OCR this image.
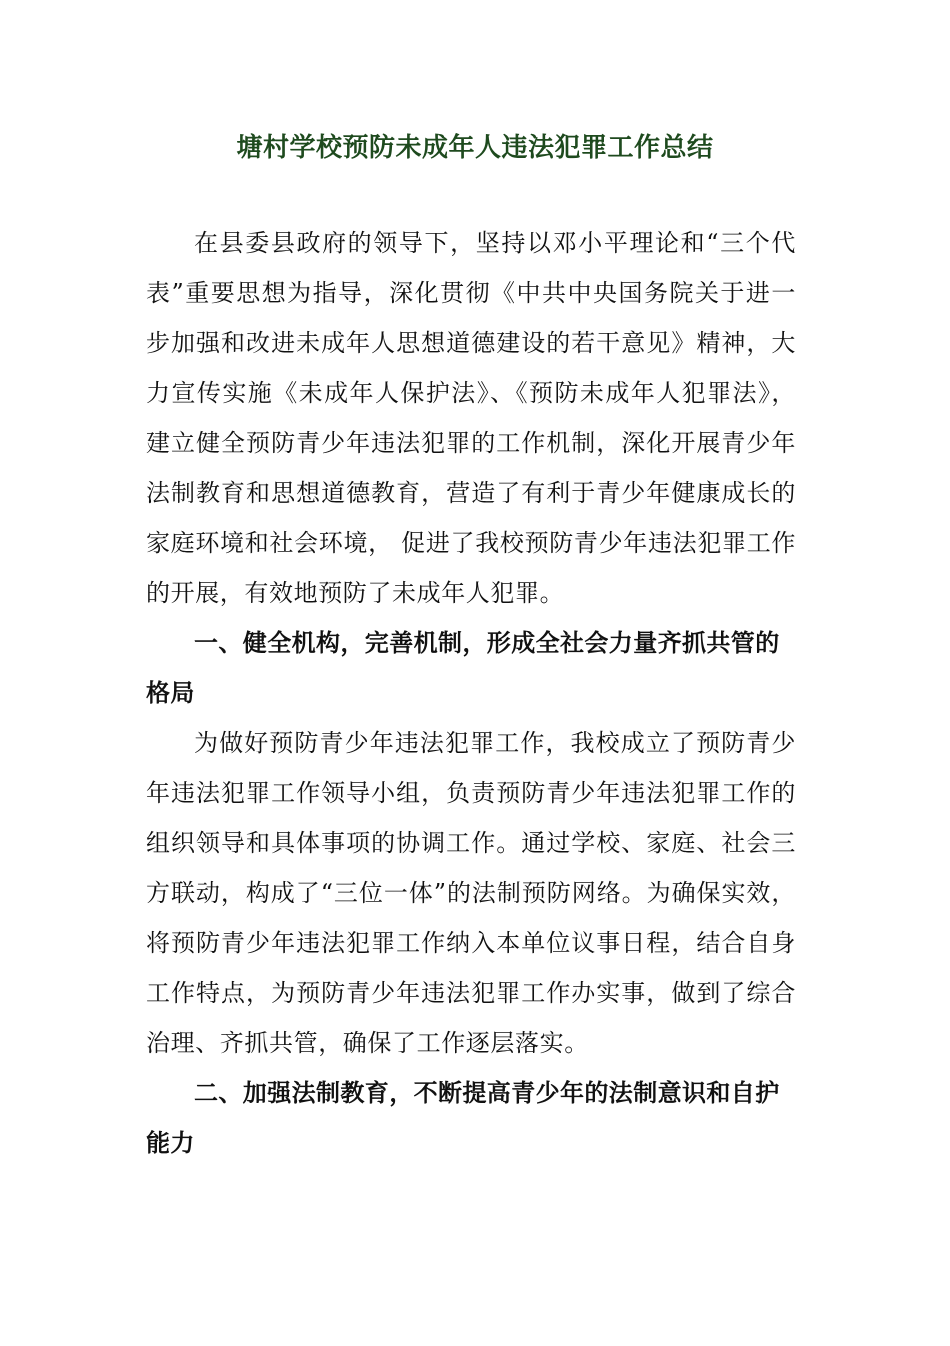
塘村学校预防未成年人违法犯罪工作总结

在县委县政府的领导下，坚持以邓小平理论和“三个代表”重要思想为指导，深化贯彻《中共中央国务院关于进一步加强和改进未成年人思想道德建设的若干意见》精神，大力宣传实施《未成年人保护法》、《预防未成年人犯罪法》，建立健全预防青少年违法犯罪的工作机制，深化开展青少年法制教育和思想道德教育，营造了有利于青少年健康成长的家庭环境和社会环境， 促进了我校预防青少年违法犯罪工作的开展，有效地预防了未成年人犯罪。

一、健全机构，完善机制，形成全社会力量齐抓共管的格局

为做好预防青少年违法犯罪工作，我校成立了预防青少年违法犯罪工作领导小组，负责预防青少年违法犯罪工作的组织领导和具体事项的协调工作。通过学校、家庭、社会三方联动，构成了“三位一体”的法制预防网络。为确保实效，将预防青少年违法犯罪工作纳入本单位议事日程，结合自身工作特点，为预防青少年违法犯罪工作办实事，做到了综合治理、齐抓共管，确保了工作逐层落实。

二、加强法制教育，不断提高青少年的法制意识和自护能力
